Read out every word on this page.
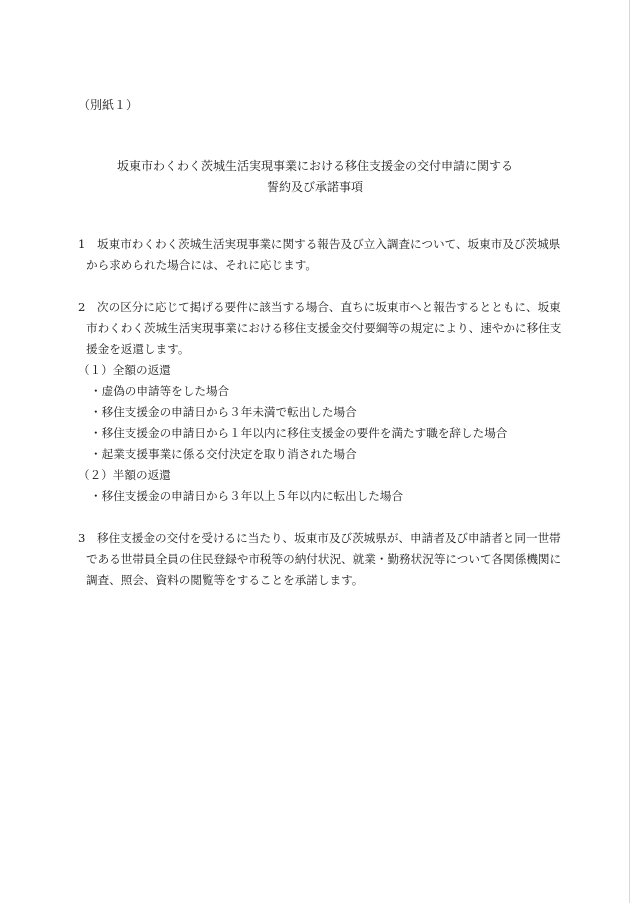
（別紙１）
坂東市わくわく茨城生活実現事業における移住支援金の交付申請に関する
誓約及び承諾事項
1	坂東市わくわく茨城生活実現事業に関する報告及び立入調査について、坂東市及び茨城県
から求められた場合には、それに応じます。
2	次の区分に応じて掲げる要件に該当する場合、直ちに坂東市へと報告するとともに、坂東
市わくわく茨城生活実現事業における移住支援金交付要綱等の規定により、速やかに移住支
援金を返還します。
（１）全額の返還
・虚偽の申請等をした場合
・移住支援金の申請日から３年未満で転出した場合
・移住支援金の申請日から１年以内に移住支援金の要件を満たす職を辞した場合
・起業支援事業に係る交付決定を取り消された場合
（２）半額の返還
・移住支援金の申請日から３年以上５年以内に転出した場合
3	移住支援金の交付を受けるに当たり、坂東市及び茨城県が、申請者及び申請者と同一世帯
である世帯員全員の住民登録や市税等の納付状況、就業・勤務状況等について各関係機関に
調査、照会、資料の閲覧等をすることを承諾します。
